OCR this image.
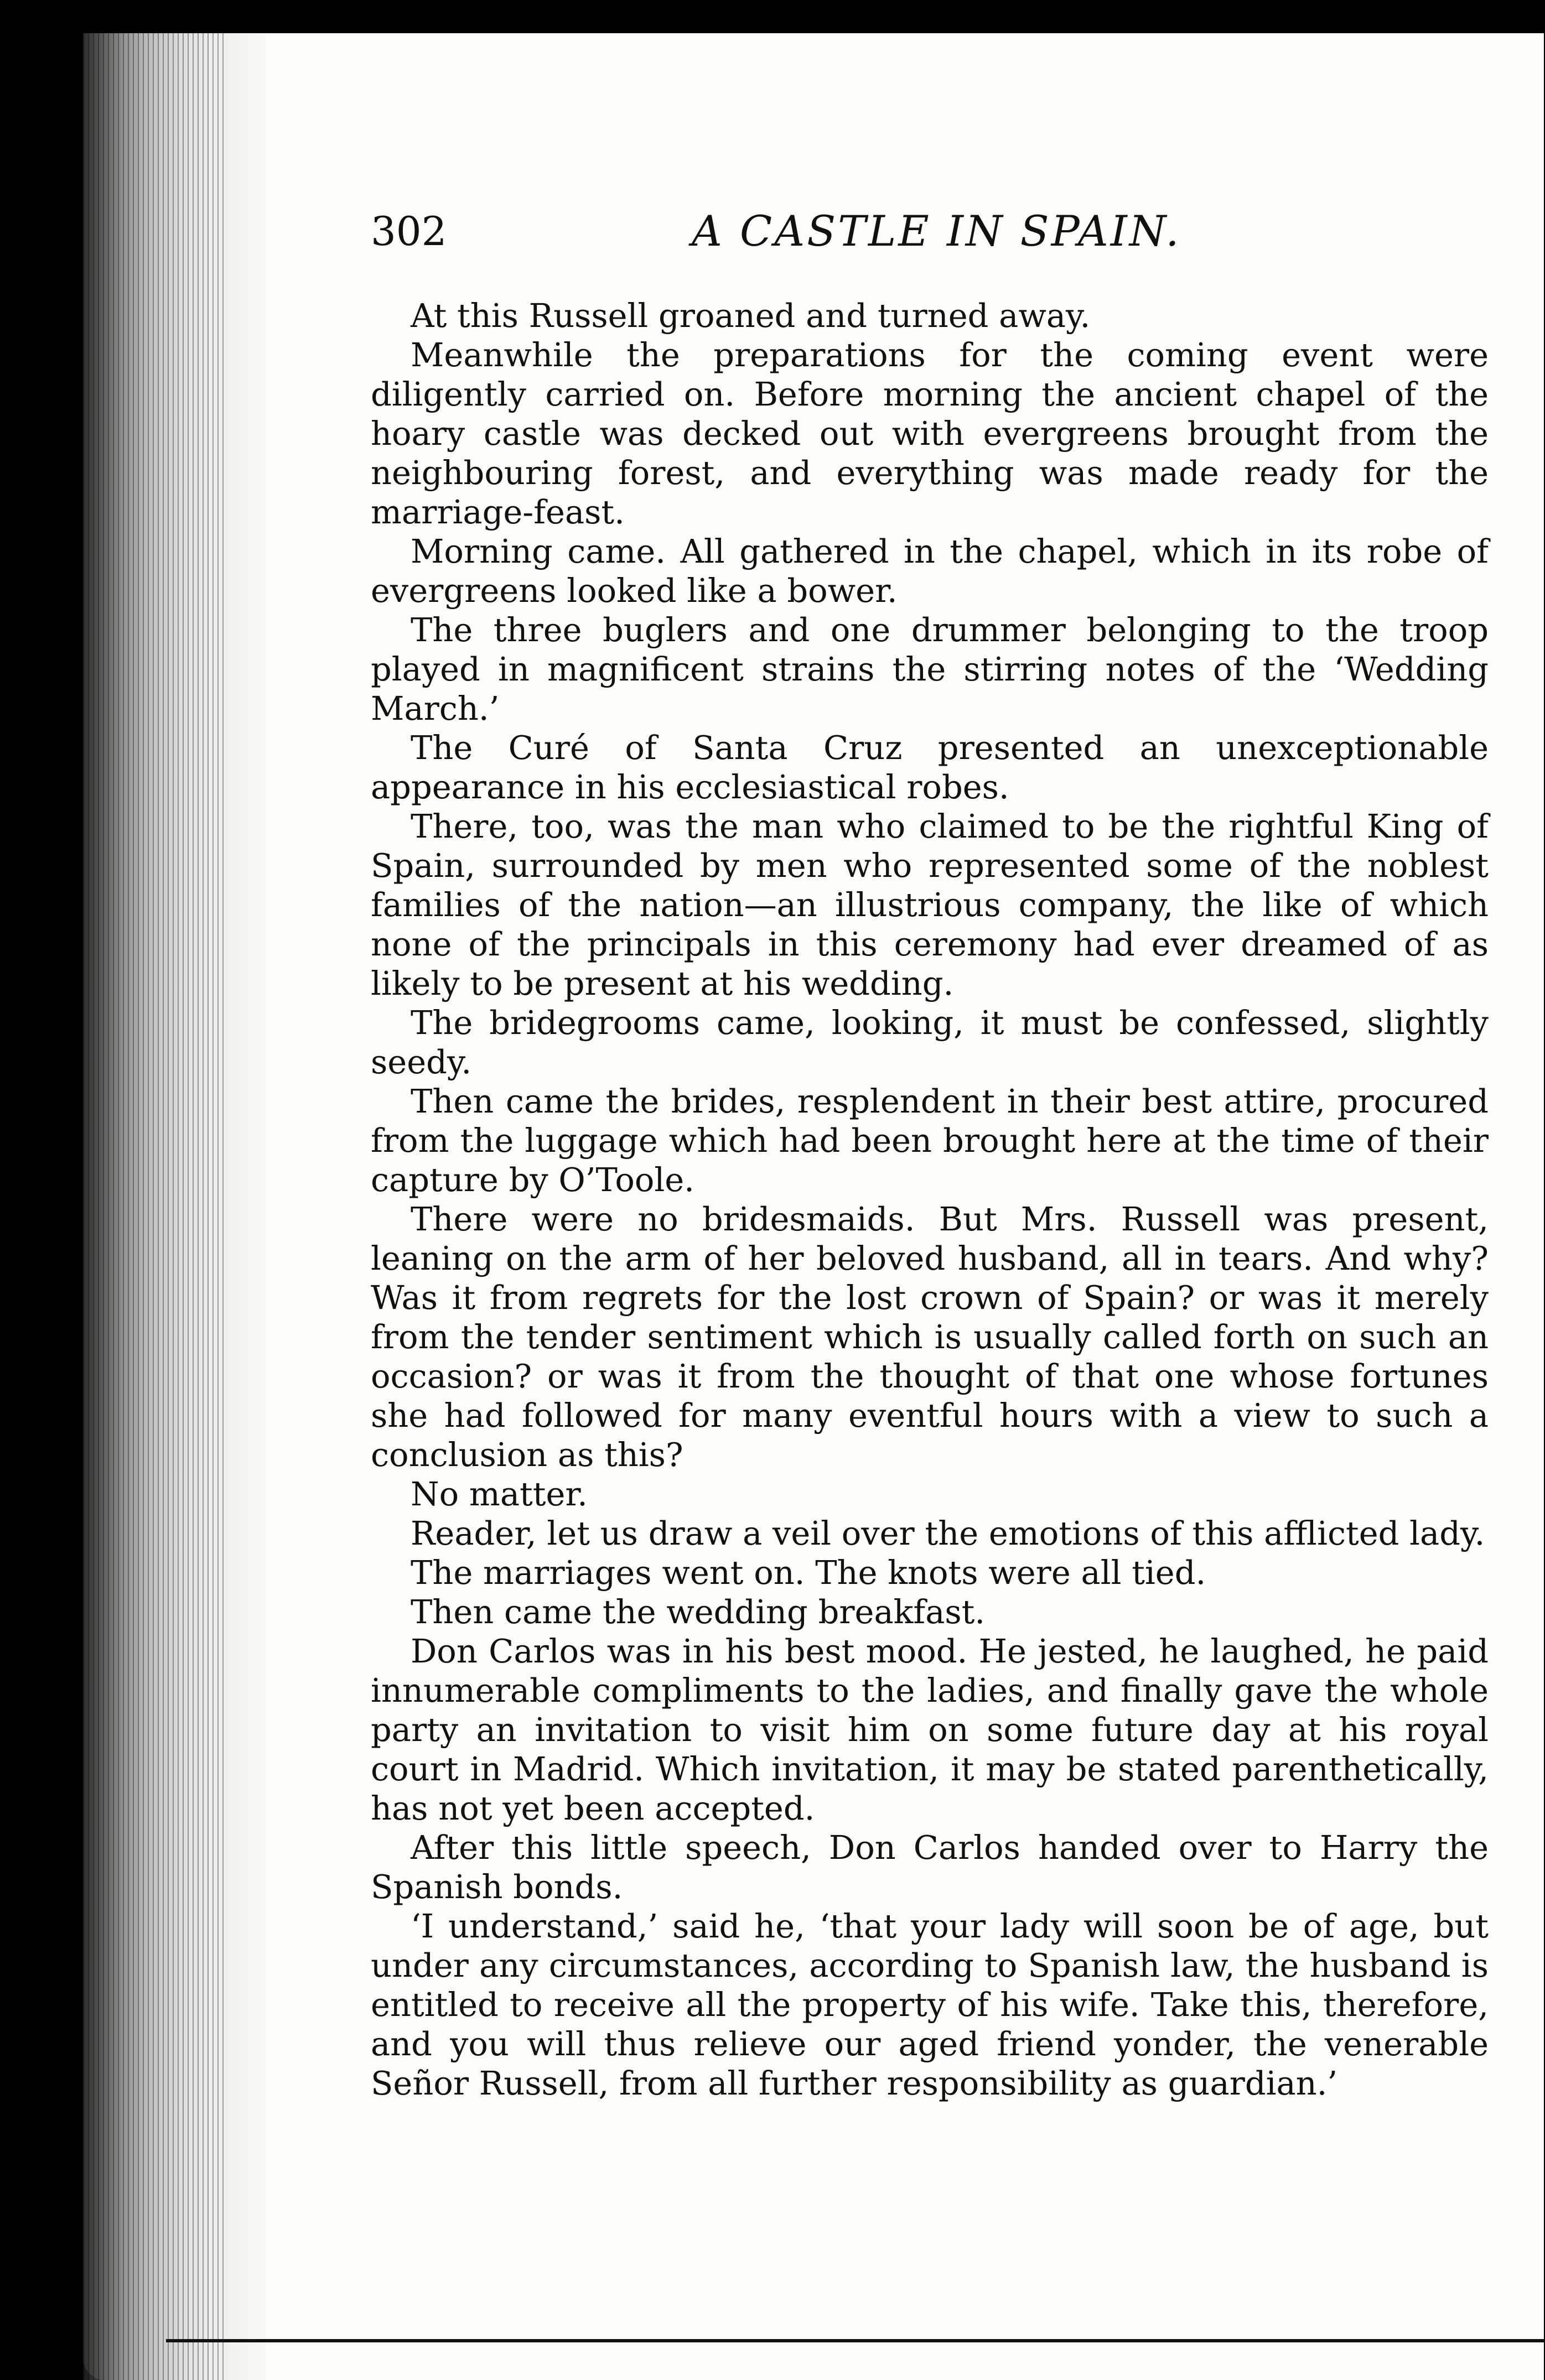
302	A CASTLE IN SPAIN.

At this Russell groaned and turned away.

Meanwhile the preparations for the coming event were diligently carried on. Before morning the ancient chapel of the hoary castle was decked out with evergreens brought from the neighbouring forest, and everything was made ready for the marriage-feast.

Morning came. All gathered in the chapel, which in its robe of evergreens looked like a bower.

The three buglers and one drummer belonging to the troop played in magnificent strains the stirring notes of the ‘Wedding March.’

The Curé of Santa Cruz presented an unexceptionable appearance in his ecclesiastical robes.

There, too, was the man who claimed to be the rightful King of Spain, surrounded by men who represented some of the noblest families of the nation—an illustrious company, the like of which none of the principals in this ceremony had ever dreamed of as likely to be present at his wedding.

The bridegrooms came, looking, it must be confessed, slightly seedy.

Then came the brides, resplendent in their best attire, procured from the luggage which had been brought here at the time of their capture by O’Toole.

There were no bridesmaids. But Mrs. Russell was present, leaning on the arm of her beloved husband, all in tears. And why? Was it from regrets for the lost crown of Spain? or was it merely from the tender sentiment which is usually called forth on such an occasion? or was it from the thought of that one whose fortunes she had followed for many eventful hours with a view to such a conclusion as this?

No matter.

Reader, let us draw a veil over the emotions of this afflicted lady.

The marriages went on. The knots were all tied.

Then came the wedding breakfast.

Don Carlos was in his best mood. He jested, he laughed, he paid innumerable compliments to the ladies, and finally gave the whole party an invitation to visit him on some future day at his royal court in Madrid. Which invitation, it may be stated parenthetically, has not yet been accepted.

After this little speech, Don Carlos handed over to Harry the Spanish bonds.

‘I understand,’ said he, ‘that your lady will soon be of age, but under any circumstances, according to Spanish law, the husband is entitled to receive all the property of his wife. Take this, therefore, and you will thus relieve our aged friend yonder, the venerable Señor Russell, from all further responsibility as guardian.’
